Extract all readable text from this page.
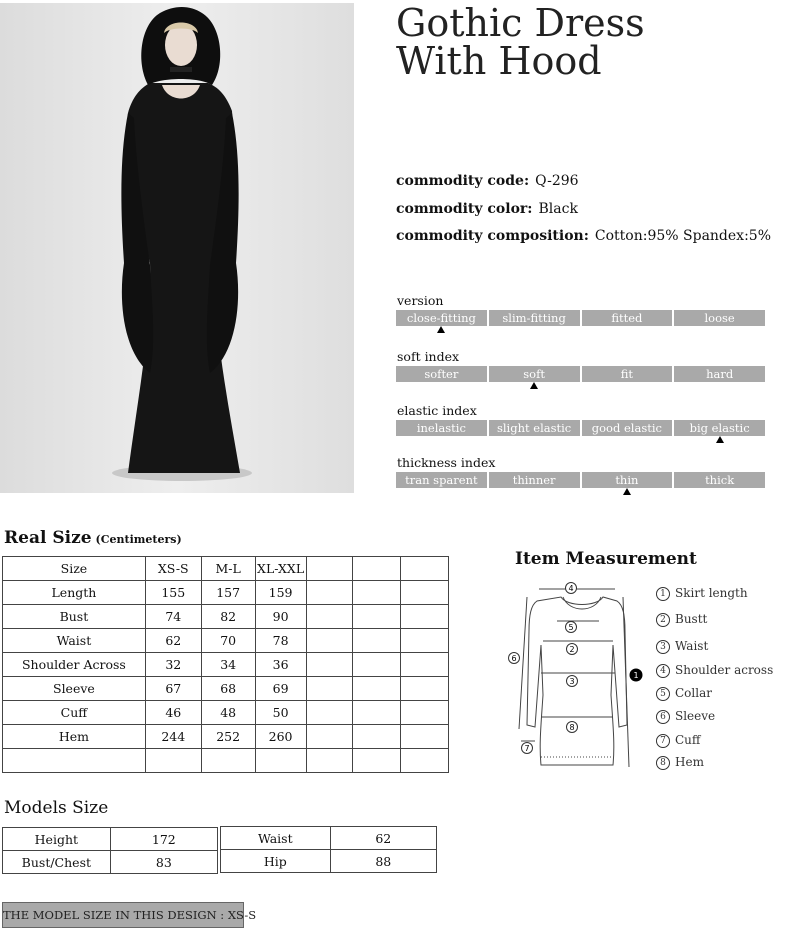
Gothic Dress
With Hood
commodity code: Q-296
commodity color: Black
commodity composition: Cotton:95% Spandex:5%
version
close-fitting	slim-fitting	fitted	loose
soft index
softer	soft	fit	hard
elastic index
inelastic	slight elastic	good elastic	big elastic
thickness index
tran sparent	thinner	thin	thick
Real Size (Centimeters)
Size	XS-S	M-L	XL-XXL			
Length	155	157	159			
Bust	74	82	90			
Waist	62	70	78			
Shoulder Across	32	34	36			
Sleeve	67	68	69			
Cuff	46	48	50			
Hem	244	252	260			

Models Size
Height	172
Bust/Chest	83
Waist	62
Hip	88
THE MODEL SIZE IN THIS DESIGN : XS-S
Item Measurement
4
5
2
3
8
6
7
1
1 Skirt length
2 Bustt
3 Waist
4 Shoulder across
5 Collar
6 Sleeve
7 Cuff
8 Hem
